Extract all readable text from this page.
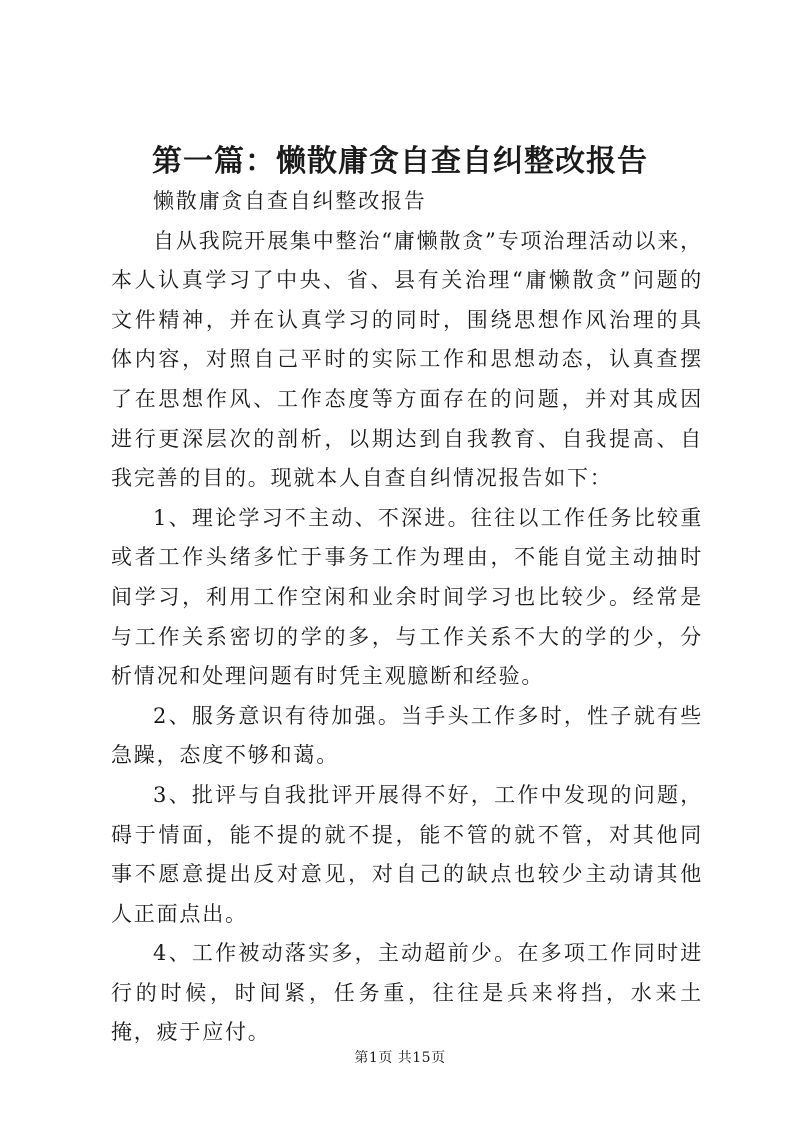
第一篇：懒散庸贪自查自纠整改报告

懒散庸贪自查自纠整改报告

自从我院开展集中整治“庸懒散贪”专项治理活动以来，本人认真学习了中央、省、县有关治理“庸懒散贪”问题的文件精神，并在认真学习的同时，围绕思想作风治理的具体内容，对照自己平时的实际工作和思想动态，认真查摆了在思想作风、工作态度等方面存在的问题，并对其成因进行更深层次的剖析，以期达到自我教育、自我提高、自我完善的目的。现就本人自查自纠情况报告如下：

1、理论学习不主动、不深进。往往以工作任务比较重或者工作头绪多忙于事务工作为理由，不能自觉主动抽时间学习，利用工作空闲和业余时间学习也比较少。经常是与工作关系密切的学的多，与工作关系不大的学的少，分析情况和处理问题有时凭主观臆断和经验。

2、服务意识有待加强。当手头工作多时，性子就有些急躁，态度不够和蔼。

3、批评与自我批评开展得不好，工作中发现的问题，碍于情面，能不提的就不提，能不管的就不管，对其他同事不愿意提出反对意见，对自己的缺点也较少主动请其他人正面点出。

4、工作被动落实多，主动超前少。在多项工作同时进行的时候，时间紧，任务重，往往是兵来将挡，水来土掩，疲于应付。

第1页 共15页
